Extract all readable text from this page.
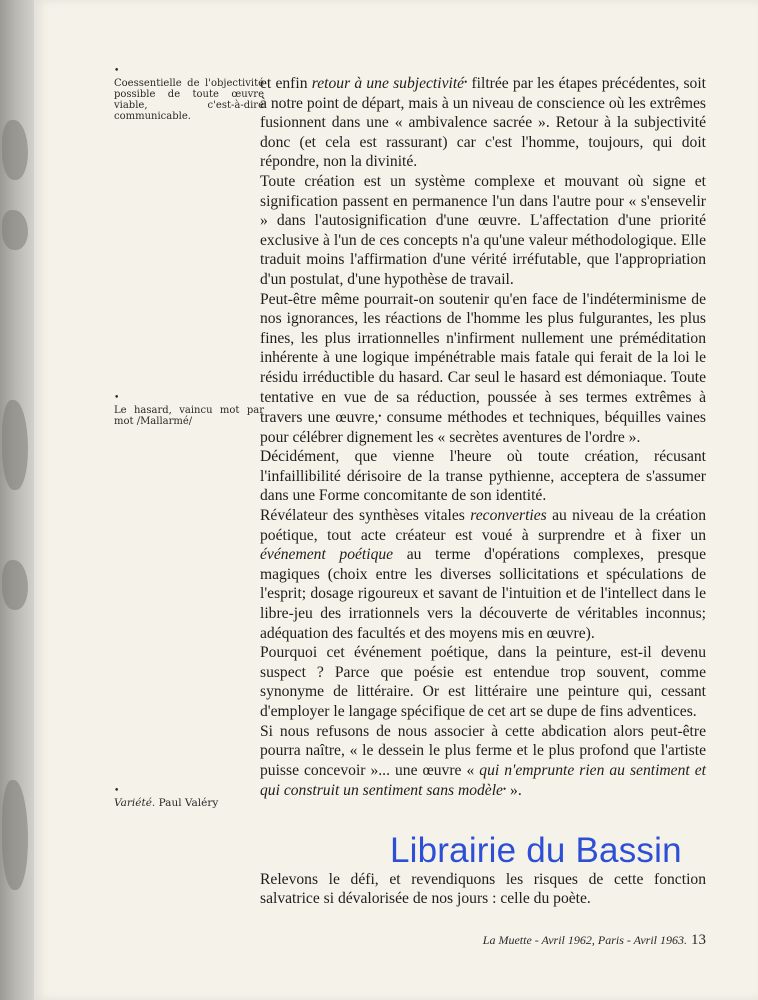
•
Coessentielle de l'objectivité possible de toute œuvre viable, c'est-à-dire communicable.
•
Le hasard, vaincu mot par mot /Mallarmé/
•
Variété. Paul Valéry

et enfin retour à une subjectivité• filtrée par les étapes précédentes, soit à notre point de départ, mais à un niveau de conscience où les extrêmes fusionnent dans une « ambivalence sacrée ». Retour à la subjectivité donc (et cela est rassurant) car c'est l'homme, toujours, qui doit répondre, non la divinité.

Toute création est un système complexe et mouvant où signe et signification passent en permanence l'un dans l'autre pour « s'ensevelir » dans l'autosignification d'une œuvre. L'affectation d'une priorité exclusive à l'un de ces concepts n'a qu'une valeur méthodologique. Elle traduit moins l'affirmation d'une vérité irréfutable, que l'appropriation d'un postulat, d'une hypothèse de travail.

Peut-être même pourrait-on soutenir qu'en face de l'indéterminisme de nos ignorances, les réactions de l'homme les plus fulgurantes, les plus fines, les plus irrationnelles n'infirment nullement une préméditation inhérente à une logique impénétrable mais fatale qui ferait de la loi le résidu irréductible du hasard. Car seul le hasard est démoniaque. Toute tentative en vue de sa réduction, poussée à ses termes extrêmes à travers une œuvre,• consume méthodes et techniques, béquilles vaines pour célébrer dignement les « secrètes aventures de l'ordre ».

Décidément, que vienne l'heure où toute création, récusant l'infaillibilité dérisoire de la transe pythienne, acceptera de s'assumer dans une Forme concomitante de son identité.

Révélateur des synthèses vitales reconverties au niveau de la création poétique, tout acte créateur est voué à surprendre et à fixer un événement poétique au terme d'opérations complexes, presque magiques (choix entre les diverses sollicitations et spéculations de l'esprit; dosage rigoureux et savant de l'intuition et de l'intellect dans le libre-jeu des irrationnels vers la découverte de véritables inconnus; adéquation des facultés et des moyens mis en œuvre).

Pourquoi cet événement poétique, dans la peinture, est-il devenu suspect ? Parce que poésie est entendue trop souvent, comme synonyme de littéraire. Or est littéraire une peinture qui, cessant d'employer le langage spécifique de cet art se dupe de fins adventices.

Si nous refusons de nous associer à cette abdication alors peut-être pourra naître, « le dessein le plus ferme et le plus profond que l'artiste puisse concevoir »... une œuvre « qui n'emprunte rien au sentiment et qui construit un sentiment sans modèle• ».

Relevons le défi, et revendiquons les risques de cette fonction salvatrice si dévalorisée de nos jours : celle du poète.

Librairie du Bassin
La Muette - Avril 1962, Paris - Avril 1963. 13
